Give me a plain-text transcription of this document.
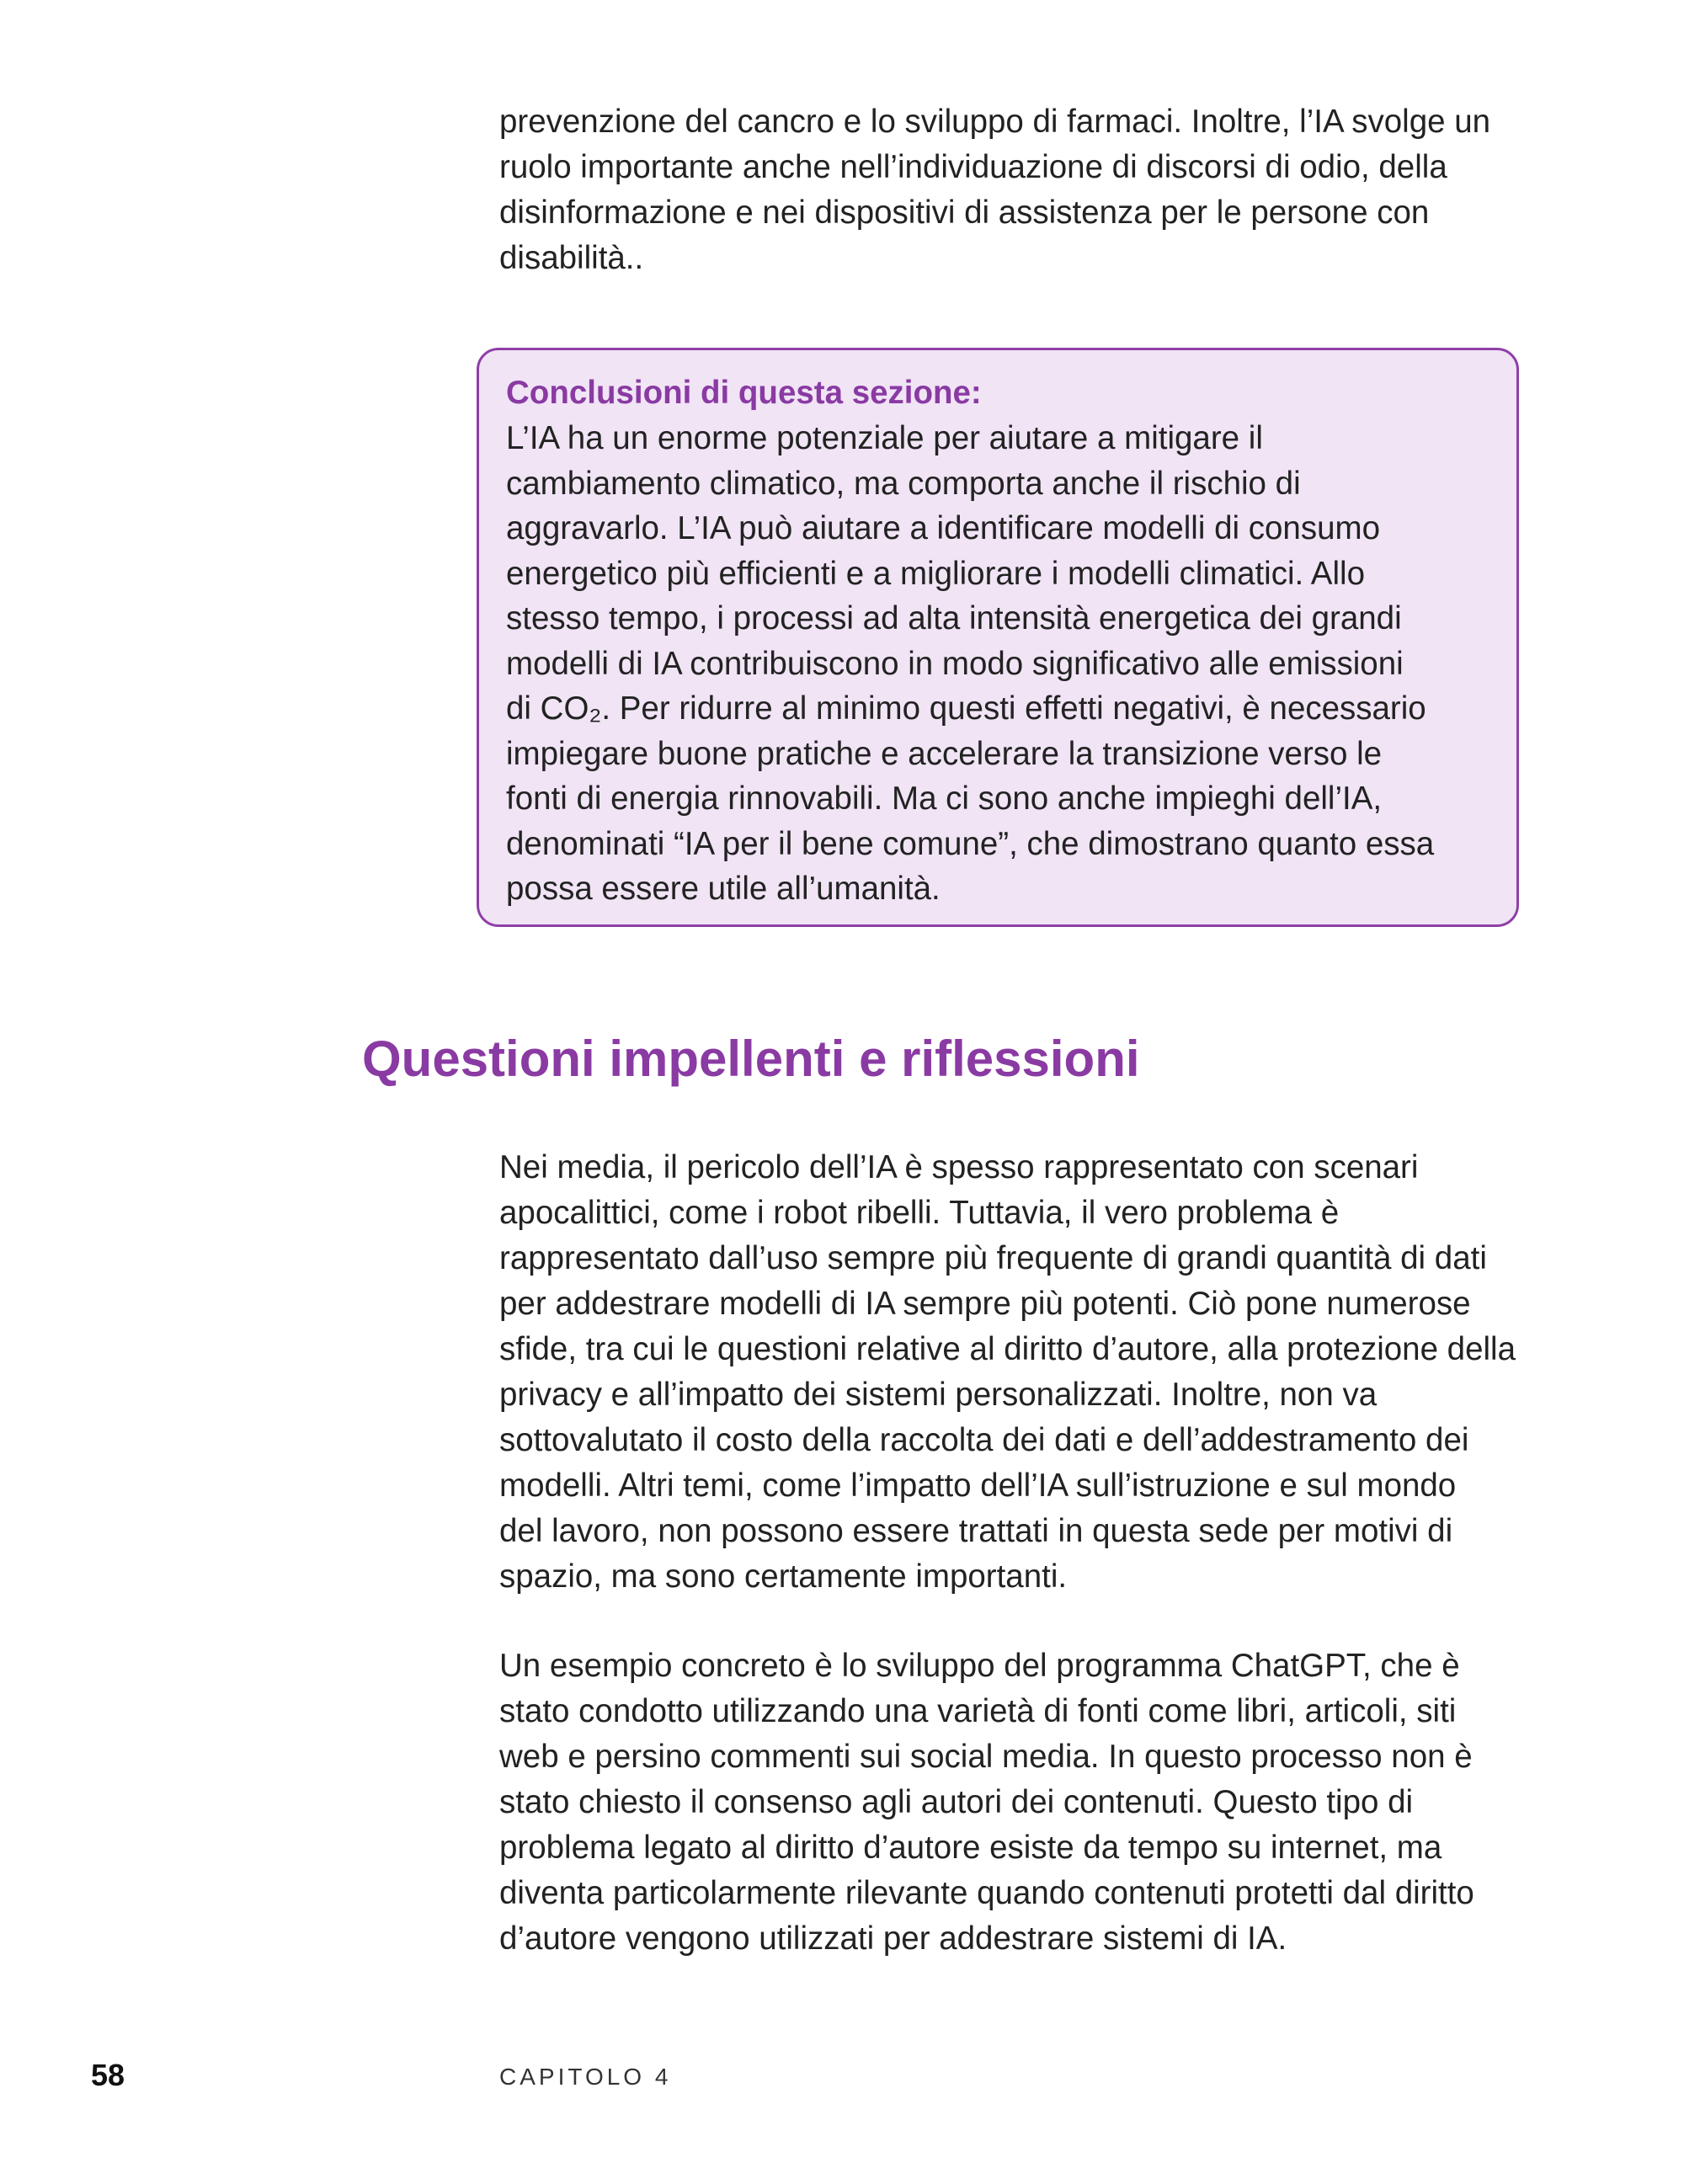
prevenzione del cancro e lo sviluppo di farmaci. Inoltre, l’IA svolge un
ruolo importante anche nell’individuazione di discorsi di odio, della
disinformazione e nei dispositivi di assistenza per le persone con
disabilità..

Conclusioni di questa sezione:

L’IA ha un enorme potenziale per aiutare a mitigare il
cambiamento climatico, ma comporta anche il rischio di
aggravarlo. L’IA può aiutare a identificare modelli di consumo
energetico più efficienti e a migliorare i modelli climatici. Allo
stesso tempo, i processi ad alta intensità energetica dei grandi
modelli di IA contribuiscono in modo significativo alle emissioni
di CO₂. Per ridurre al minimo questi effetti negativi, è necessario
impiegare buone pratiche e accelerare la transizione verso le
fonti di energia rinnovabili. Ma ci sono anche impieghi dell’IA,
denominati “IA per il bene comune”, che dimostrano quanto essa
possa essere utile all’umanità.
Questioni impellenti e riflessioni
Nei media, il pericolo dell’IA è spesso rappresentato con scenari
apocalittici, come i robot ribelli. Tuttavia, il vero problema è
rappresentato dall’uso sempre più frequente di grandi quantità di dati
per addestrare modelli di IA sempre più potenti. Ciò pone numerose
sfide, tra cui le questioni relative al diritto d’autore, alla protezione della
privacy e all’impatto dei sistemi personalizzati. Inoltre, non va
sottovalutato il costo della raccolta dei dati e dell’addestramento dei
modelli. Altri temi, come l’impatto dell’IA sull’istruzione e sul mondo
del lavoro, non possono essere trattati in questa sede per motivi di
spazio, ma sono certamente importanti.
Un esempio concreto è lo sviluppo del programma ChatGPT, che è
stato condotto utilizzando una varietà di fonti come libri, articoli, siti
web e persino commenti sui social media. In questo processo non è
stato chiesto il consenso agli autori dei contenuti. Questo tipo di
problema legato al diritto d’autore esiste da tempo su internet, ma
diventa particolarmente rilevante quando contenuti protetti dal diritto
d’autore vengono utilizzati per addestrare sistemi di IA.
58	CAPITOLO 4
